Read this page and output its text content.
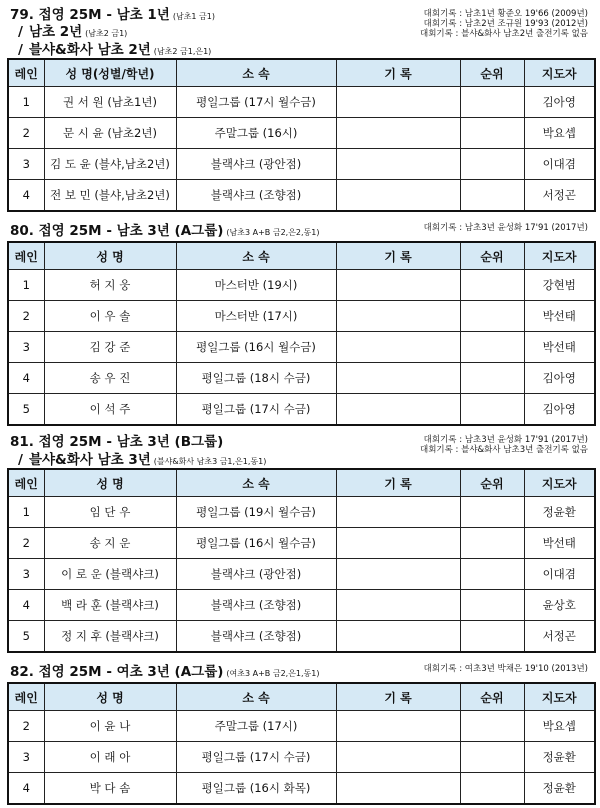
79. 접영 25M - 남초 1년 (남초1 금1)
/ 남초 2년 (남초2 금1)
/ 블샤&화사 남초 2년 (남초2 금1,은1)
대회기록 : 남초1년 황준오 19'66 (2009년)
대회기록 : 남초2년 조규원 19'93 (2012년)
대회기록 : 블샤&화사 남초2년 출전기록 없음
레인	성 명(성별/학년)	소 속	기 록	순위	지도자
1	권 서 원 (남초1년)	평일그룹 (17시 월수금)			김아영
2	문 시 윤 (남초2년)	주말그룹 (16시)			박요셉
3	김 도 윤 (블샤,남초2년)	블랙샤크 (광안점)			이대겸
4	전 보 민 (블샤,남초2년)	블랙샤크 (조향점)			서정곤
80. 접영 25M - 남초 3년 (A그룹) (남초3 A+B 금2,은2,동1)	대회기록 : 남초3년 윤성화 17'91 (2017년)
레인	성 명	소 속	기 록	순위	지도자
1	허 지 웅	마스터반 (19시)			강현범
2	이 우 솔	마스터반 (17시)			박선태
3	김 강 준	평일그룹 (16시 월수금)			박선태
4	송 우 진	평일그룹 (18시 수금)			김아영
5	이 석 주	평일그룹 (17시 수금)			김아영
81. 접영 25M - 남초 3년 (B그룹)
/ 블샤&화사 남초 3년 (블샤&화사 남초3 금1,은1,동1)
대회기록 : 남초3년 윤성화 17'91 (2017년)
대회기록 : 블샤&화사 남초3년 출전기록 없음
레인	성 명	소 속	기 록	순위	지도자
1	임 단 우	평일그룹 (19시 월수금)			정윤환
2	송 지 운	평일그룹 (16시 월수금)			박선태
3	이 로 운 (블랙샤크)	블랙샤크 (광안점)			이대겸
4	백 라 훈 (블랙샤크)	블랙샤크 (조향점)			윤상호
5	정 지 후 (블랙샤크)	블랙샤크 (조향점)			서정곤
82. 접영 25M - 여초 3년 (A그룹) (여초3 A+B 금2,은1,동1)	대회기록 : 여초3년 박채은 19'10 (2013년)
레인	성 명	소 속	기 록	순위	지도자
2	이 윤 나	주말그룹 (17시)			박요셉
3	이 래 아	평일그룹 (17시 수금)			정윤환
4	박 다 솜	평일그룹 (16시 화목)			정윤환
